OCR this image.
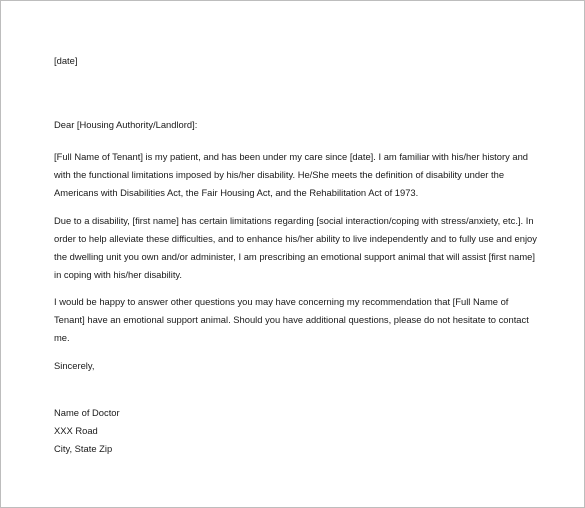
[date]
Dear [Housing Authority/Landlord]:
[Full Name of Tenant] is my patient, and has been under my care since [date]. I am familiar with his/her history and
with the functional limitations imposed by his/her disability. He/She meets the definition of disability under the
Americans with Disabilities Act, the Fair Housing Act, and the Rehabilitation Act of 1973.
Due to a disability, [first name] has certain limitations regarding [social interaction/coping with stress/anxiety, etc.]. In
order to help alleviate these difficulties, and to enhance his/her ability to live independently and to fully use and enjoy
the dwelling unit you own and/or administer, I am prescribing an emotional support animal that will assist [first name]
in coping with his/her disability.
I would be happy to answer other questions you may have concerning my recommendation that [Full Name of
Tenant] have an emotional support animal. Should you have additional questions, please do not hesitate to contact
me.
Sincerely,
Name of Doctor
XXX Road
City, State Zip
